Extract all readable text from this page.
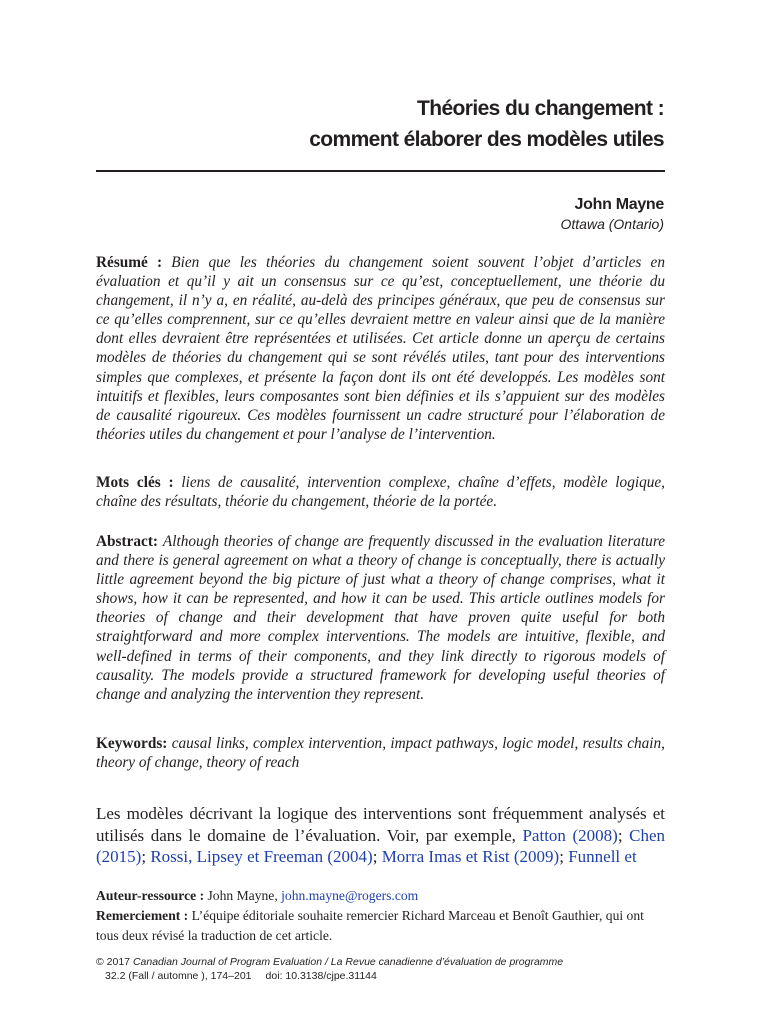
Théories du changement :
comment élaborer des modèles utiles
John Mayne
Ottawa (Ontario)

Résumé : Bien que les théories du changement soient souvent l’objet d’articles en évaluation et qu’il y ait un consensus sur ce qu’est, conceptuellement, une théorie du changement, il n’y a, en réalité, au-delà des principes généraux, que peu de consensus sur ce qu’elles comprennent, sur ce qu’elles devraient mettre en valeur ainsi que de la manière dont elles devraient être représentées et utilisées. Cet article donne un aperçu de certains modèles de théories du changement qui se sont révélés utiles, tant pour des interventions simples que complexes, et présente la façon dont ils ont été developpés. Les modèles sont intuitifs et flexibles, leurs composantes sont bien définies et ils s’appuient sur des modèles de causalité rigoureux. Ces modèles fournissent un cadre structuré pour l’élaboration de théories utiles du changement et pour l’analyse de l’intervention.

Mots clés : liens de causalité, intervention complexe, chaîne d’effets, modèle logique, chaîne des résultats, théorie du changement, théorie de la portée.

Abstract: Although theories of change are frequently discussed in the evaluation literature and there is general agreement on what a theory of change is conceptually, there is actually little agreement beyond the big picture of just what a theory of change comprises, what it shows, how it can be represented, and how it can be used. This article outlines models for theories of change and their development that have proven quite useful for both straightforward and more complex interventions. The models are intuitive, flexible, and well-defined in terms of their components, and they link directly to rigorous models of causality. The models provide a structured framework for developing useful theories of change and analyzing the intervention they represent.

Keywords: causal links, complex intervention, impact pathways, logic model, results chain, theory of change, theory of reach

Les modèles décrivant la logique des interventions sont fréquemment analysés et utilisés dans le domaine de l’évaluation. Voir, par exemple, Patton (2008); Chen (2015); Rossi, Lipsey et Freeman (2004); Morra Imas et Rist (2009); Funnell et

Auteur-ressource : John Mayne, john.mayne@rogers.com

Remerciement : L’équipe éditoriale souhaite remercier Richard Marceau et Benoît Gauthier, qui ont tous deux révisé la traduction de cet article.

© 2017 Canadian Journal of Program Evaluation / La Revue canadienne d’évaluation de programme
32.2 (Fall / automne ), 174–201 doi: 10.3138/cjpe.31144
